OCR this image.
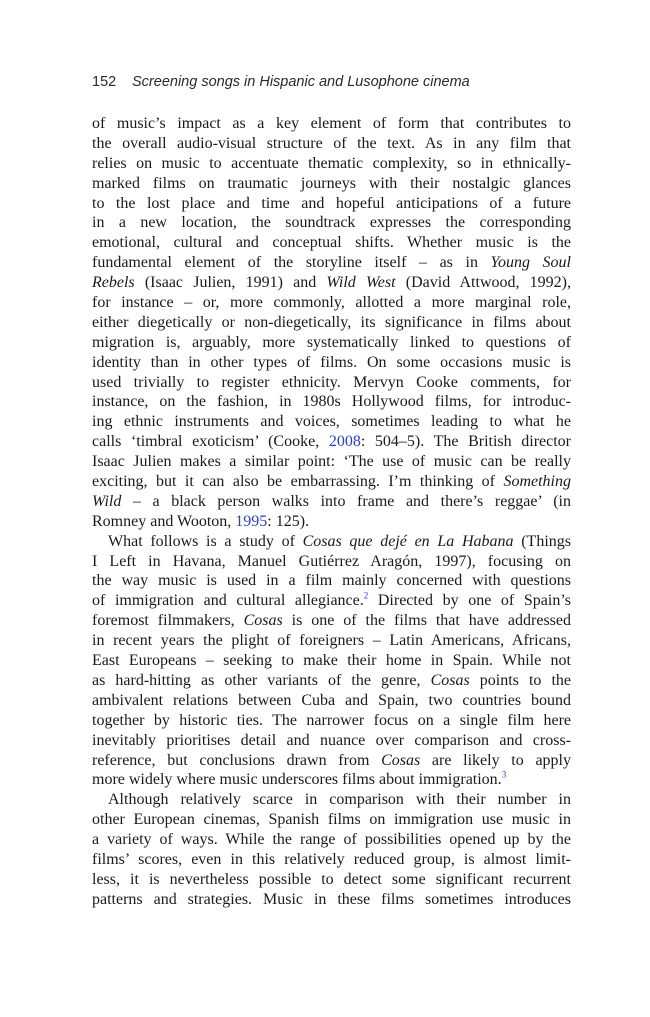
152 Screening songs in Hispanic and Lusophone cinema
of music’s impact as a key element of form that contributes to
the overall audio-visual structure of the text. As in any film that
relies on music to accentuate thematic complexity, so in ethnically-
marked films on traumatic journeys with their nostalgic glances
to the lost place and time and hopeful anticipations of a future
in a new location, the soundtrack expresses the corresponding
emotional, cultural and conceptual shifts. Whether music is the
fundamental element of the storyline itself – as in Young Soul
Rebels (Isaac Julien, 1991) and Wild West (David Attwood, 1992),
for instance – or, more commonly, allotted a more marginal role,
either diegetically or non-diegetically, its significance in films about
migration is, arguably, more systematically linked to questions of
identity than in other types of films. On some occasions music is
used trivially to register ethnicity. Mervyn Cooke comments, for
instance, on the fashion, in 1980s Hollywood films, for introduc-
ing ethnic instruments and voices, sometimes leading to what he
calls ‘timbral exoticism’ (Cooke, 2008: 504–5). The British director
Isaac Julien makes a similar point: ‘The use of music can be really
exciting, but it can also be embarrassing. I’m thinking of Something
Wild – a black person walks into frame and there’s reggae’ (in
Romney and Wooton, 1995: 125).
What follows is a study of Cosas que dejé en La Habana (Things
I Left in Havana, Manuel Gutiérrez Aragón, 1997), focusing on
the way music is used in a film mainly concerned with questions
of immigration and cultural allegiance.$^2$ Directed by one of Spain’s
foremost filmmakers, Cosas is one of the films that have addressed
in recent years the plight of foreigners – Latin Americans, Africans,
East Europeans – seeking to make their home in Spain. While not
as hard-hitting as other variants of the genre, Cosas points to the
ambivalent relations between Cuba and Spain, two countries bound
together by historic ties. The narrower focus on a single film here
inevitably prioritises detail and nuance over comparison and cross-
reference, but conclusions drawn from Cosas are likely to apply
more widely where music underscores films about immigration.$^3$
Although relatively scarce in comparison with their number in
other European cinemas, Spanish films on immigration use music in
a variety of ways. While the range of possibilities opened up by the
films’ scores, even in this relatively reduced group, is almost limit-
less, it is nevertheless possible to detect some significant recurrent
patterns and strategies. Music in these films sometimes introduces
